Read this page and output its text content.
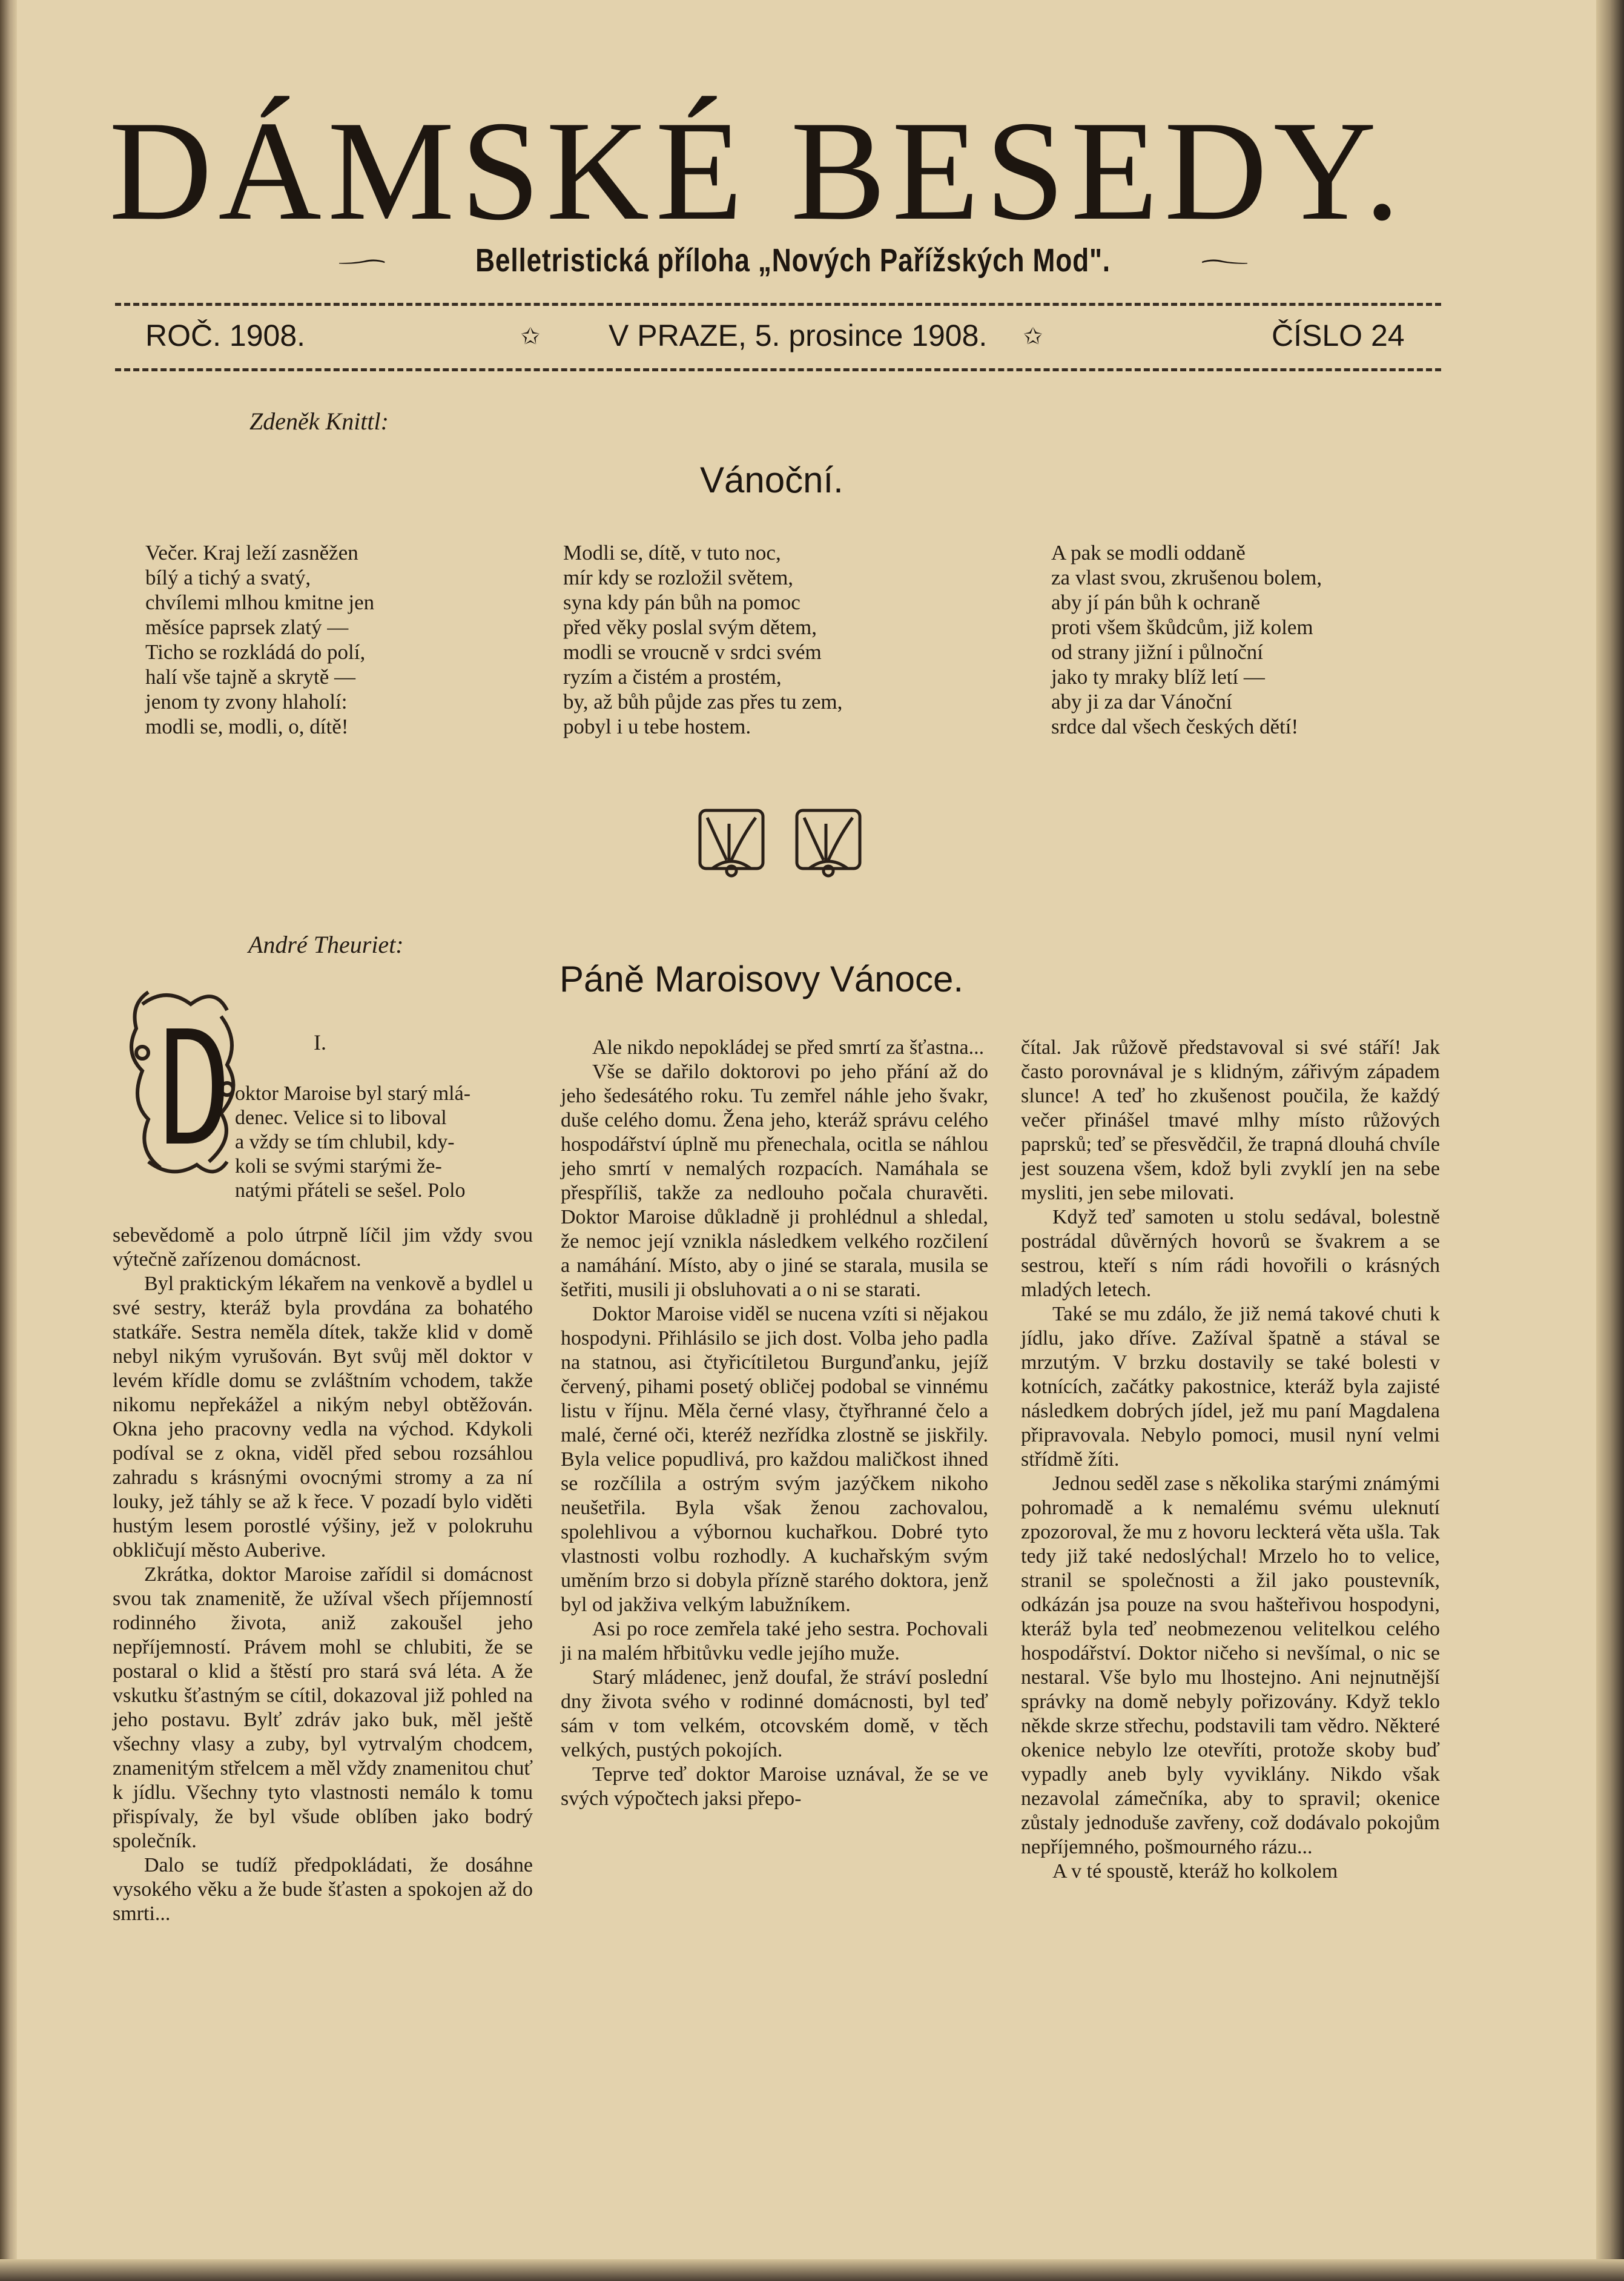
DÁMSKÉ BESEDY.
Belletristická příloha „Nových Pařížských Mod".
ROČ. 1908.	✩ V PRAZE, 5. prosince 1908. ✩	ČÍSLO 24
Zdeněk Knittl:
Vánoční.
Večer. Kraj leží zasněžen
bílý a tichý a svatý,
chvílemi mlhou kmitne jen
měsíce paprsek zlatý —
Ticho se rozkládá do polí,
halí vše tajně a skrytě —
jenom ty zvony hlaholí:
modli se, modli, o, dítě!
Modli se, dítě, v tuto noc,
mír kdy se rozložil světem,
syna kdy pán bůh na pomoc
před věky poslal svým dětem,
modli se vroucně v srdci svém
ryzím a čistém a prostém,
by, až bůh půjde zas přes tu zem,
pobyl i u tebe hostem.
A pak se modli oddaně
za vlast svou, zkrušenou bolem,
aby jí pán bůh k ochraně
proti všem škůdcům, již kolem
od strany jižní i půlnoční
jako ty mraky blíž letí —
aby ji za dar Vánoční
srdce dal všech českých dětí!
André Theuriet:
Páně Maroisovy Vánoce.
I.
oktor Maroise byl starý mlá-
denec. Velice si to liboval
a vždy se tím chlubil, kdy-
koli se svými starými že-
natými přáteli se sešel. Polo

sebevědomě a polo útrpně líčil jim vždy svou výtečně zařízenou domácnost.

Byl praktickým lékařem na venkově a bydlel u své sestry, kteráž byla provdána za bohatého statkáře. Sestra neměla dítek, takže klid v domě nebyl nikým vyrušován. Byt svůj měl doktor v levém křídle domu se zvláštním vchodem, takže nikomu nepřekážel a nikým nebyl obtěžován. Okna jeho pracovny vedla na východ. Kdykoli podíval se z okna, viděl před sebou rozsáhlou zahradu s krásnými ovocnými stromy a za ní louky, jež táhly se až k řece. V pozadí bylo viděti hustým lesem porostlé výšiny, jež v polokruhu obkličují město Auberive.

Zkrátka, doktor Maroise zařídil si domácnost svou tak znamenitě, že užíval všech příjemností rodinného života, aniž zakoušel jeho nepříjemností. Právem mohl se chlubiti, že se postaral o klid a štěstí pro stará svá léta. A že vskutku šťastným se cítil, dokazoval již pohled na jeho postavu. Bylť zdráv jako buk, měl ještě všechny vlasy a zuby, byl vytrvalým chodcem, znamenitým střelcem a měl vždy znamenitou chuť k jídlu. Všechny tyto vlastnosti nemálo k tomu přispívaly, že byl všude oblíben jako bodrý společník.

Dalo se tudíž předpokládati, že dosáhne vysokého věku a že bude šťasten a spokojen až do smrti...

Ale nikdo nepokládej se před smrtí za šťastna...

Vše se dařilo doktorovi po jeho přání až do jeho šedesátého roku. Tu zemřel náhle jeho švakr, duše celého domu. Žena jeho, kteráž správu celého hospodářství úplně mu přenechala, ocitla se náhlou jeho smrtí v nemalých rozpacích. Namáhala se přespříliš, takže za nedlouho počala churavěti. Doktor Maroise důkladně ji prohlédnul a shledal, že nemoc její vznikla následkem velkého rozčilení a namáhání. Místo, aby o jiné se starala, musila se šetřiti, musili ji obsluhovati a o ni se starati.

Doktor Maroise viděl se nucena vzíti si nějakou hospodyni. Přihlásilo se jich dost. Volba jeho padla na statnou, asi čtyřicítiletou Burgunďanku, jejíž červený, pihami posetý obličej podobal se vinnému listu v říjnu. Měla černé vlasy, čtyřhranné čelo a malé, černé oči, kteréž nezřídka zlostně se jiskřily. Byla velice popudlivá, pro každou maličkost ihned se rozčílila a ostrým svým jazýčkem nikoho neušetřila. Byla však ženou zachovalou, spolehlivou a výbornou kuchařkou. Dobré tyto vlastnosti volbu rozhodly. A kuchařským svým uměním brzo si dobyla přízně starého doktora, jenž byl od jakživa velkým labužníkem.

Asi po roce zemřela také jeho sestra. Pochovali ji na malém hřbitůvku vedle jejího muže.

Starý mládenec, jenž doufal, že stráví poslední dny života svého v rodinné domácnosti, byl teď sám v tom velkém, otcovském domě, v těch velkých, pustých pokojích.

Teprve teď doktor Maroise uznával, že se ve svých výpočtech jaksi přepo-

čítal. Jak růžově představoval si své stáří! Jak často porovnával je s klidným, zářivým západem slunce! A teď ho zkušenost poučila, že každý večer přinášel tmavé mlhy místo růžových paprsků; teď se přesvědčil, že trapná dlouhá chvíle jest souzena všem, kdož byli zvyklí jen na sebe mysliti, jen sebe milovati.

Když teď samoten u stolu sedával, bolestně postrádal důvěrných hovorů se švakrem a se sestrou, kteří s ním rádi hovořili o krásných mladých letech.

Také se mu zdálo, že již nemá takové chuti k jídlu, jako dříve. Zažíval špatně a stával se mrzutým. V brzku dostavily se také bolesti v kotnících, začátky pakostnice, kteráž byla zajisté následkem dobrých jídel, jež mu paní Magdalena připravovala. Nebylo pomoci, musil nyní velmi střídmě žíti.

Jednou seděl zase s několika starými známými pohromadě a k nemalému svému uleknutí zpozoroval, že mu z hovoru leckterá věta ušla. Tak tedy již také nedoslýchal! Mrzelo ho to velice, stranil se společnosti a žil jako poustevník, odkázán jsa pouze na svou hašteřivou hospodyni, kteráž byla teď neobmezenou velitelkou celého hospodářství. Doktor ničeho si nevšímal, o nic se nestaral. Vše bylo mu lhostejno. Ani nejnutnější správky na domě nebyly pořizovány. Když teklo někde skrze střechu, podstavili tam vědro. Některé okenice nebylo lze otevříti, protože skoby buď vypadly aneb byly vyviklány. Nikdo však nezavolal zámečníka, aby to spravil; okenice zůstaly jednoduše zavřeny, což dodávalo pokojům nepříjemného, pošmourného rázu...

A v té spoustě, kteráž ho kolkolem
